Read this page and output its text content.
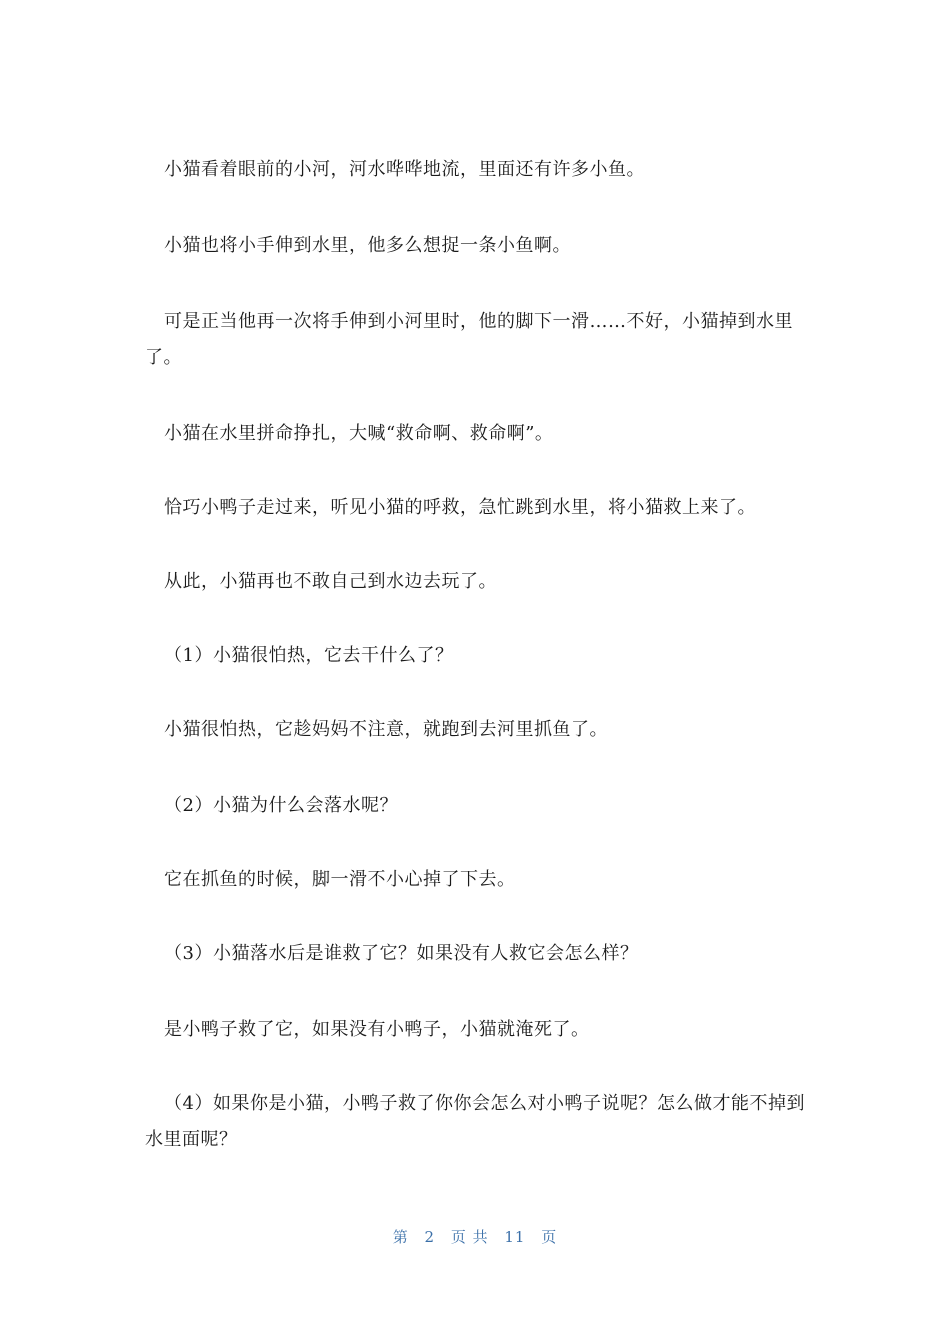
小猫看着眼前的小河，河水哗哗地流，里面还有许多小鱼。

小猫也将小手伸到水里，他多么想捉一条小鱼啊。

可是正当他再一次将手伸到小河里时，他的脚下一滑……不好，小猫掉到水里了。

小猫在水里拼命挣扎，大喊“救命啊、救命啊”。

恰巧小鸭子走过来，听见小猫的呼救，急忙跳到水里，将小猫救上来了。

从此，小猫再也不敢自己到水边去玩了。

（1）小猫很怕热，它去干什么了？

小猫很怕热，它趁妈妈不注意，就跑到去河里抓鱼了。

（2）小猫为什么会落水呢？

它在抓鱼的时候，脚一滑不小心掉了下去。

（3）小猫落水后是谁救了它？如果没有人救它会怎么样？

是小鸭子救了它，如果没有小鸭子，小猫就淹死了。

（4）如果你是小猫，小鸭子救了你你会怎么对小鸭子说呢？怎么做才能不掉到水里面呢？

第 2 页 共 11 页
